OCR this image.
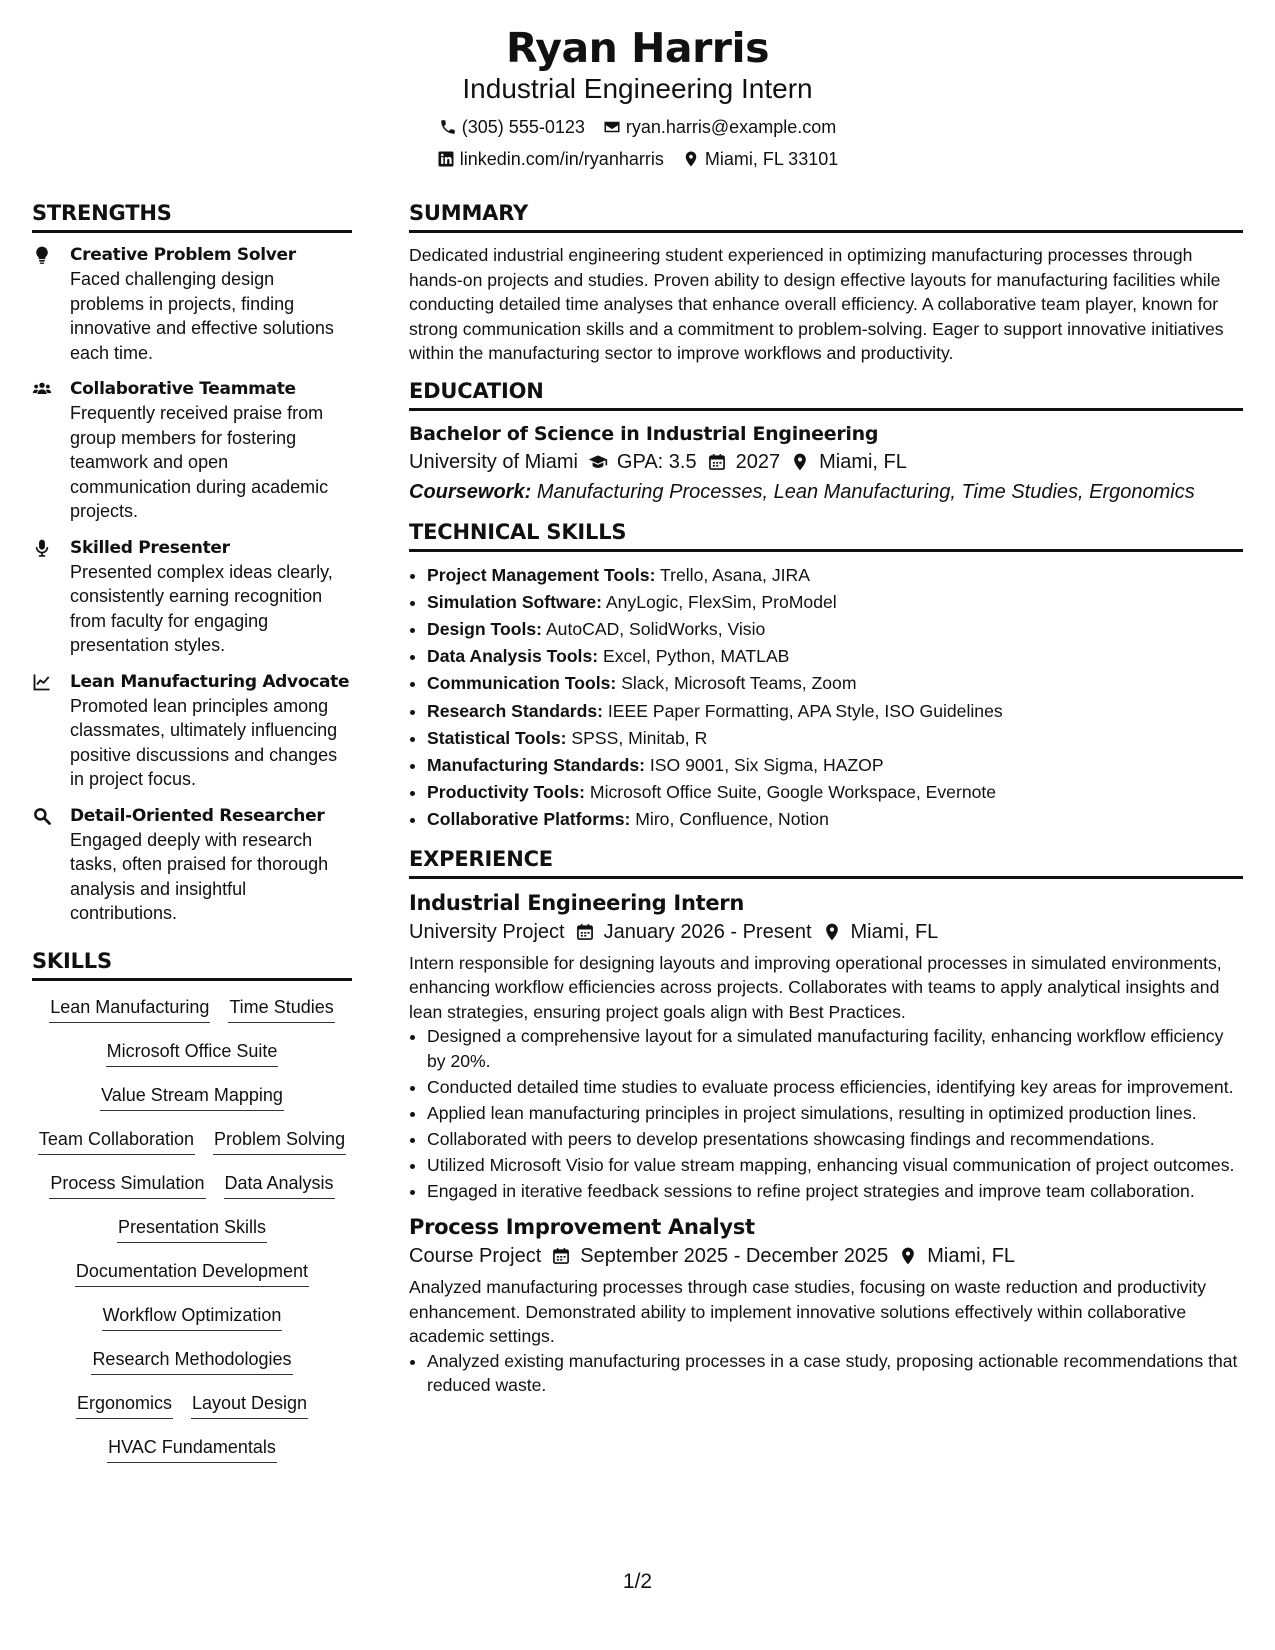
Ryan Harris
Industrial Engineering Intern
(305) 555-0123 ryan.harris@example.com
linkedin.com/in/ryanharris Miami, FL 33101
STRENGTHS
Creative Problem Solver
Faced challenging design problems in projects, finding innovative and effective solutions each time.
Collaborative Teammate
Frequently received praise from group members for fostering teamwork and open communication during academic projects.
Skilled Presenter
Presented complex ideas clearly, consistently earning recognition from faculty for engaging presentation styles.
Lean Manufacturing Advocate
Promoted lean principles among classmates, ultimately influencing positive discussions and changes in project focus.
Detail-Oriented Researcher
Engaged deeply with research tasks, often praised for thorough analysis and insightful contributions.
SKILLS
Lean Manufacturing Time Studies
Microsoft Office Suite
Value Stream Mapping
Team Collaboration Problem Solving
Process Simulation Data Analysis
Presentation Skills
Documentation Development
Workflow Optimization
Research Methodologies
Ergonomics Layout Design
HVAC Fundamentals
SUMMARY

Dedicated industrial engineering student experienced in optimizing manufacturing processes through hands-on projects and studies. Proven ability to design effective layouts for manufacturing facilities while conducting detailed time analyses that enhance overall efficiency. A collaborative team player, known for strong communication skills and a commitment to problem-solving. Eager to support innovative initiatives within the manufacturing sector to improve workflows and productivity.

EDUCATION
Bachelor of Science in Industrial Engineering
University of Miami GPA: 3.5 2027 Miami, FL
Coursework: Manufacturing Processes, Lean Manufacturing, Time Studies, Ergonomics
TECHNICAL SKILLS
• Project Management Tools: Trello, Asana, JIRA
• Simulation Software: AnyLogic, FlexSim, ProModel
• Design Tools: AutoCAD, SolidWorks, Visio
• Data Analysis Tools: Excel, Python, MATLAB
• Communication Tools: Slack, Microsoft Teams, Zoom
• Research Standards: IEEE Paper Formatting, APA Style, ISO Guidelines
• Statistical Tools: SPSS, Minitab, R
• Manufacturing Standards: ISO 9001, Six Sigma, HAZOP
• Productivity Tools: Microsoft Office Suite, Google Workspace, Evernote
• Collaborative Platforms: Miro, Confluence, Notion
EXPERIENCE
Industrial Engineering Intern
University Project January 2026 - Present Miami, FL

Intern responsible for designing layouts and improving operational processes in simulated environments, enhancing workflow efficiencies across projects. Collaborates with teams to apply analytical insights and lean strategies, ensuring project goals align with Best Practices.

• Designed a comprehensive layout for a simulated manufacturing facility, enhancing workflow efficiency by 20%.
• Conducted detailed time studies to evaluate process efficiencies, identifying key areas for improvement.
• Applied lean manufacturing principles in project simulations, resulting in optimized production lines.
• Collaborated with peers to develop presentations showcasing findings and recommendations.
• Utilized Microsoft Visio for value stream mapping, enhancing visual communication of project outcomes.
• Engaged in iterative feedback sessions to refine project strategies and improve team collaboration.
Process Improvement Analyst
Course Project September 2025 - December 2025 Miami, FL

Analyzed manufacturing processes through case studies, focusing on waste reduction and productivity enhancement. Demonstrated ability to implement innovative solutions effectively within collaborative academic settings.

• Analyzed existing manufacturing processes in a case study, proposing actionable recommendations that reduced waste.
1/2
